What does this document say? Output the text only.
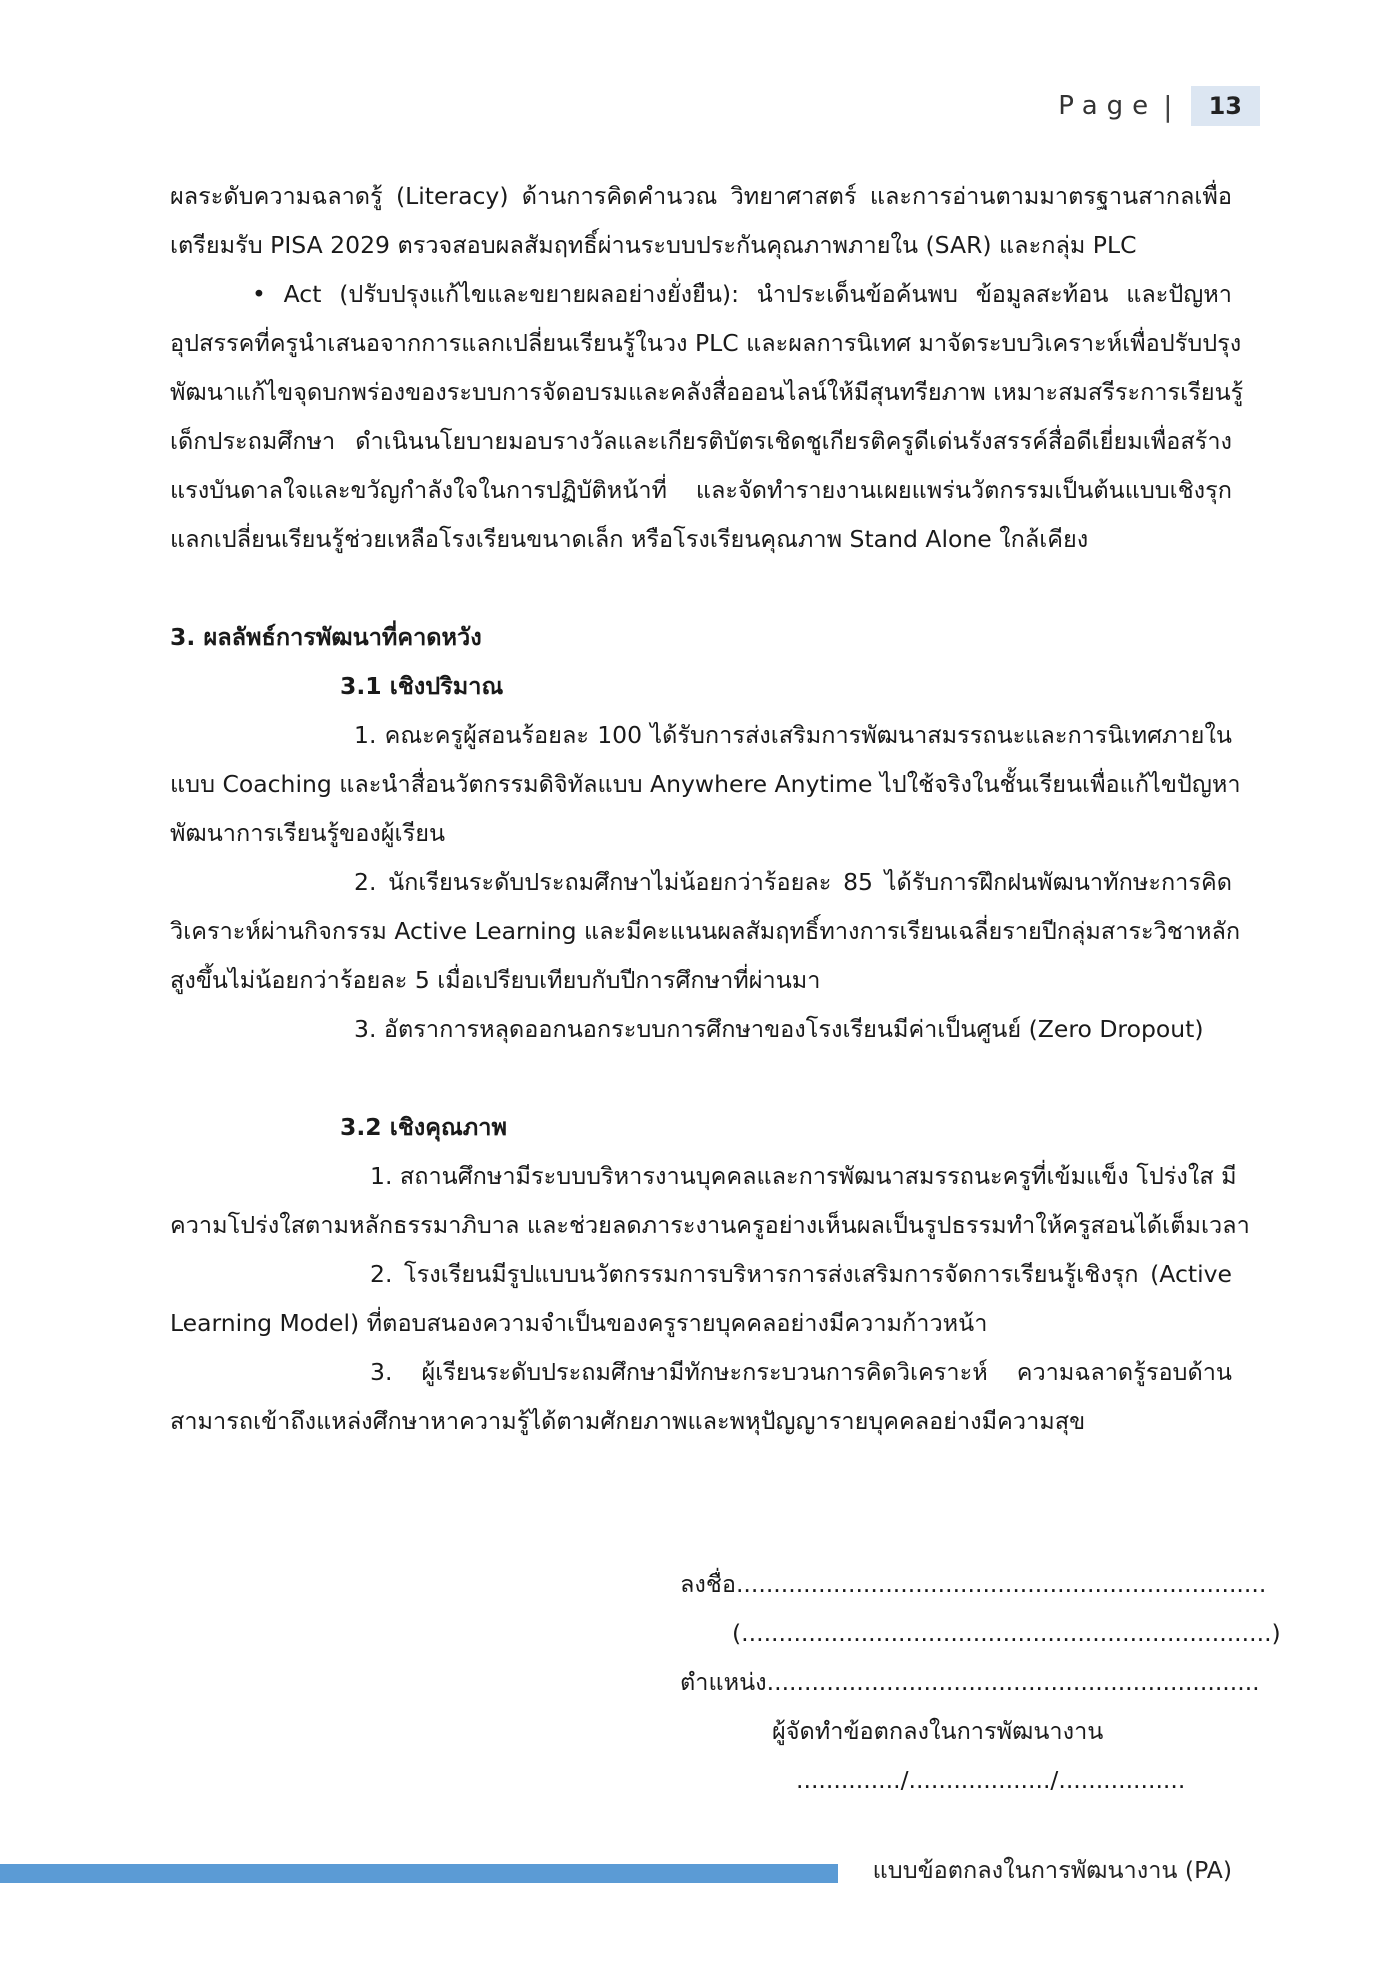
Page |	13
ผลระดับความฉลาดรู้ (Literacy) ด้านการคิดคำนวณ วิทยาศาสตร์ และการอ่านตามมาตรฐานสากลเพื่อ
เตรียมรับ PISA 2029 ตรวจสอบผลสัมฤทธิ์ผ่านระบบประกันคุณภาพภายใน (SAR) และกลุ่ม PLC
• Act (ปรับปรุงแก้ไขและขยายผลอย่างยั่งยืน): นำประเด็นข้อค้นพบ ข้อมูลสะท้อน และปัญหา
อุปสรรคที่ครูนำเสนอจากการแลกเปลี่ยนเรียนรู้ในวง PLC และผลการนิเทศ มาจัดระบบวิเคราะห์เพื่อปรับปรุง
พัฒนาแก้ไขจุดบกพร่องของระบบการจัดอบรมและคลังสื่อออนไลน์ให้มีสุนทรียภาพ เหมาะสมสรีระการเรียนรู้
เด็กประถมศึกษา ดำเนินนโยบายมอบรางวัลและเกียรติบัตรเชิดชูเกียรติครูดีเด่นรังสรรค์สื่อดีเยี่ยมเพื่อสร้าง
แรงบันดาลใจและขวัญกำลังใจในการปฏิบัติหน้าที่ และจัดทำรายงานเผยแพร่นวัตกรรมเป็นต้นแบบเชิงรุก
แลกเปลี่ยนเรียนรู้ช่วยเหลือโรงเรียนขนาดเล็ก หรือโรงเรียนคุณภาพ Stand Alone ใกล้เคียง
3. ผลลัพธ์การพัฒนาที่คาดหวัง
3.1 เชิงปริมาณ
1. คณะครูผู้สอนร้อยละ 100 ได้รับการส่งเสริมการพัฒนาสมรรถนะและการนิเทศภายใน
แบบ Coaching และนำสื่อนวัตกรรมดิจิทัลแบบ Anywhere Anytime ไปใช้จริงในชั้นเรียนเพื่อแก้ไขปัญหา
พัฒนาการเรียนรู้ของผู้เรียน
2. นักเรียนระดับประถมศึกษาไม่น้อยกว่าร้อยละ 85 ได้รับการฝึกฝนพัฒนาทักษะการคิด
วิเคราะห์ผ่านกิจกรรม Active Learning และมีคะแนนผลสัมฤทธิ์ทางการเรียนเฉลี่ยรายปีกลุ่มสาระวิชาหลัก
สูงขึ้นไม่น้อยกว่าร้อยละ 5 เมื่อเปรียบเทียบกับปีการศึกษาที่ผ่านมา
3. อัตราการหลุดออกนอกระบบการศึกษาของโรงเรียนมีค่าเป็นศูนย์ (Zero Dropout)
3.2 เชิงคุณภาพ
1. สถานศึกษามีระบบบริหารงานบุคคลและการพัฒนาสมรรถนะครูที่เข้มแข็ง โปร่งใส มี
ความโปร่งใสตามหลักธรรมาภิบาล และช่วยลดภาระงานครูอย่างเห็นผลเป็นรูปธรรมทำให้ครูสอนได้เต็มเวลา
2. โรงเรียนมีรูปแบบนวัตกรรมการบริหารการส่งเสริมการจัดการเรียนรู้เชิงรุก (Active
Learning Model) ที่ตอบสนองความจำเป็นของครูรายบุคคลอย่างมีความก้าวหน้า
3. ผู้เรียนระดับประถมศึกษามีทักษะกระบวนการคิดวิเคราะห์ ความฉลาดรู้รอบด้าน
สามารถเข้าถึงแหล่งศึกษาหาความรู้ได้ตามศักยภาพและพหุปัญญารายบุคคลอย่างมีความสุข
ลงชื่อ.......................................................................
(.......................................................................)
ตำแหน่ง..................................................................
ผู้จัดทำข้อตกลงในการพัฒนางาน
............../.................../.................
แบบข้อตกลงในการพัฒนางาน (PA)
